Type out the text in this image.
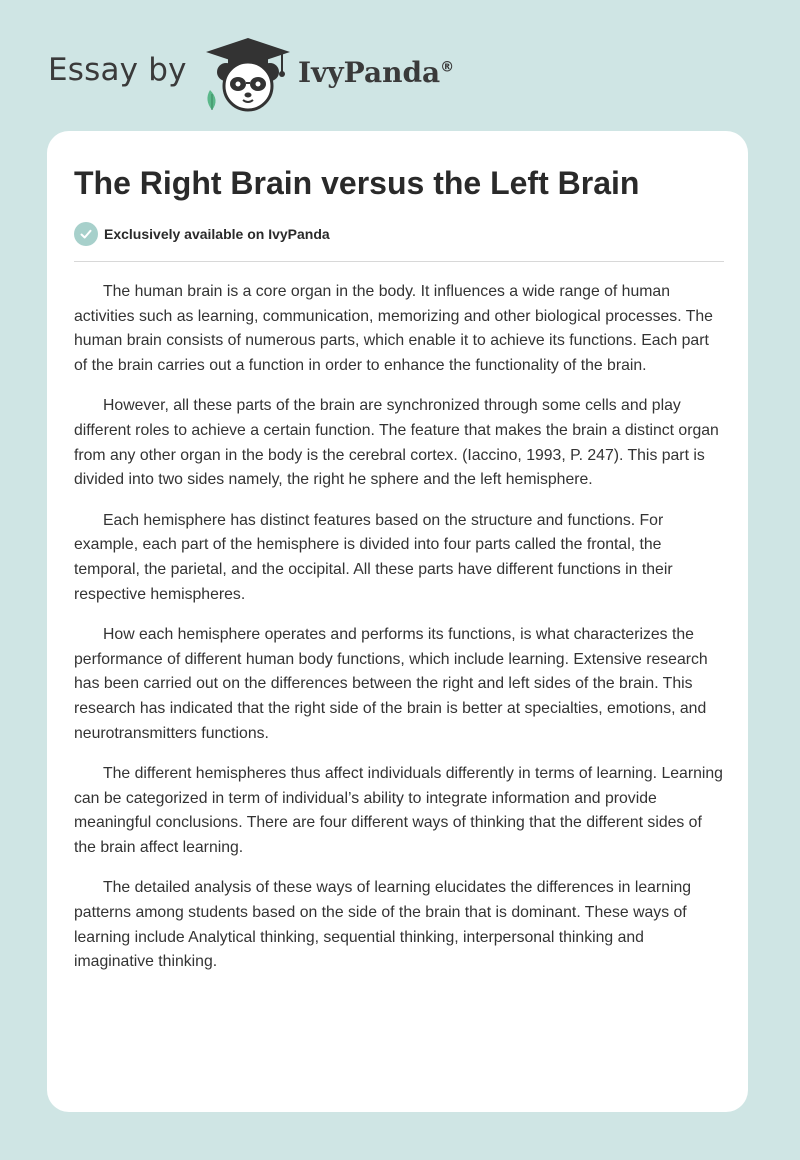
Essay by	IvyPanda®
The Right Brain versus the Left Brain
Exclusively available on IvyPanda

The human brain is a core organ in the body. It influences a wide range of human activities such as learning, communication, memorizing and other biological processes. The human brain consists of numerous parts, which enable it to achieve its functions. Each part of the brain carries out a function in order to enhance the functionality of the brain.

However, all these parts of the brain are synchronized through some cells and play different roles to achieve a certain function. The feature that makes the brain a distinct organ from any other organ in the body is the cerebral cortex. (Iaccino, 1993, P. 247). This part is divided into two sides namely, the right he sphere and the left hemisphere.

Each hemisphere has distinct features based on the structure and functions. For example, each part of the hemisphere is divided into four parts called the frontal, the temporal, the parietal, and the occipital. All these parts have different functions in their respective hemispheres.

How each hemisphere operates and performs its functions, is what characterizes the performance of different human body functions, which include learning. Extensive research has been carried out on the differences between the right and left sides of the brain. This research has indicated that the right side of the brain is better at specialties, emotions, and neurotransmitters functions.

The different hemispheres thus affect individuals differently in terms of learning. Learning can be categorized in term of individual’s ability to integrate information and provide meaningful conclusions. There are four different ways of thinking that the different sides of the brain affect learning.

The detailed analysis of these ways of learning elucidates the differences in learning patterns among students based on the side of the brain that is dominant. These ways of learning include Analytical thinking, sequential thinking, interpersonal thinking and imaginative thinking.
